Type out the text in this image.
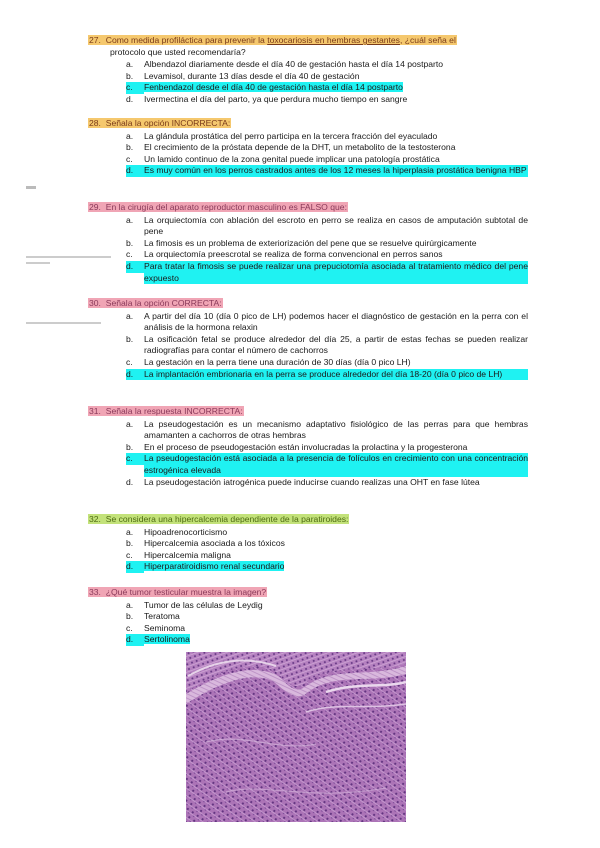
27. Como medida profiláctica para prevenir la toxocariosis en hembras gestantes, ¿cuál seña el
protocolo que usted recomendaría?
a.	Albendazol diariamente desde el día 40 de gestación hasta el día 14 postparto
b.	Levamisol, durante 13 días desde el día 40 de gestación
c.	Fenbendazol desde el día 40 de gestación hasta el día 14 postparto
d.	Ivermectina el día del parto, ya que perdura mucho tiempo en sangre
28. Señala la opción INCORRECTA:
a.	La glándula prostática del perro participa en la tercera fracción del eyaculado
b.	El crecimiento de la próstata depende de la DHT, un metabolito de la testosterona
c.	Un lamido continuo de la zona genital puede implicar una patología prostática
d.	Es muy común en los perros castrados antes de los 12 meses la hiperplasia prostática benigna HBP
29. En la cirugía del aparato reproductor masculino es FALSO que:
a.	La orquiectomía con ablación del escroto en perro se realiza en casos de amputación subtotal de pene
b.	La fimosis es un problema de exteriorización del pene que se resuelve quirúrgicamente
c.	La orquiectomía preescrotal se realiza de forma convencional en perros sanos
d.	Para tratar la fimosis se puede realizar una prepuciotomía asociada al tratamiento médico del pene expuesto
30. Señala la opción CORRECTA:
a.	A partir del día 10 (día 0 pico de LH) podemos hacer el diagnóstico de gestación en la perra con el análisis de la hormona relaxin
b.	La osificación fetal se produce alrededor del día 25, a partir de estas fechas se pueden realizar radiografías para contar el número de cachorros
c.	La gestación en la perra tiene una duración de 30 días (día 0 pico LH)
d.	La implantación embrionaria en la perra se produce alrededor del día 18-20 (día 0 pico de LH)
31. Señala la respuesta INCORRECTA:
a.	La pseudogestación es un mecanismo adaptativo fisiológico de las perras para que hembras amamanten a cachorros de otras hembras
b.	En el proceso de pseudogestación están involucradas la prolactina y la progesterona
c.	La pseudogestación está asociada a la presencia de folículos en crecimiento con una concentración estrogénica elevada
d.	La pseudogestación iatrogénica puede inducirse cuando realizas una OHT en fase lútea
32. Se considera una hipercalcemia dependiente de la paratiroides:
a.	Hipoadrenocorticismo
b.	Hipercalcemia asociada a los tóxicos
c.	Hipercalcemia maligna
d.	Hiperparatiroidismo renal secundario
33. ¿Qué tumor testicular muestra la imagen?
a.	Tumor de las células de Leydig
b.	Teratoma
c.	Seminoma
d.	Sertolinoma
